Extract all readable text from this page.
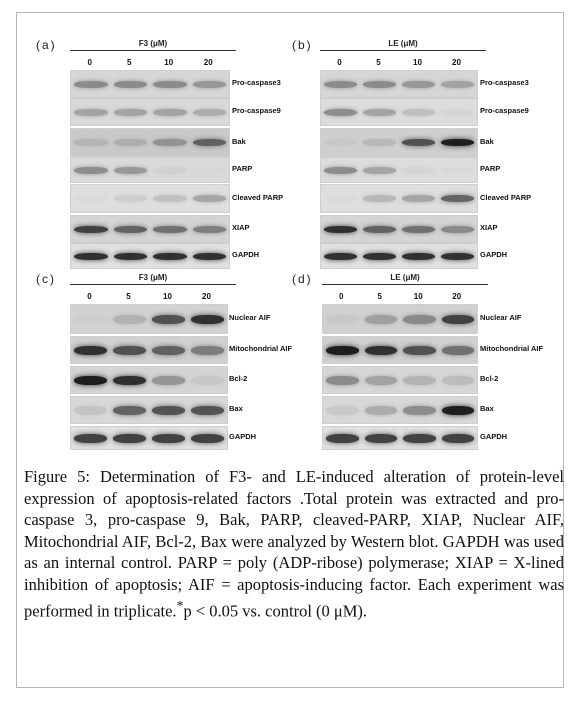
(a)	F3 (μM)
0	5	10	20
Pro-caspase3
Pro-caspase9
Bak
PARP
Cleaved PARP
XIAP
GAPDH
(b)	LE (μM)
0	5	10	20
Pro-caspase3
Pro-caspase9
Bak
PARP
Cleaved PARP
XIAP
GAPDH
(c)	F3 (μM)
0	5	10	20
Nuclear AIF
Mitochondrial AIF
Bcl-2
Bax
GAPDH
(d)	LE (μM)
0	5	10	20
Nuclear AIF
Mitochondrial AIF
Bcl-2
Bax
GAPDH
Figure 5: Determination of F3- and LE-induced alteration of protein-level expression of apoptosis-related factors .Total protein was extracted and pro-caspase 3, pro-caspase 9, Bak, PARP, cleaved-PARP, XIAP, Nuclear AIF, Mitochondrial AIF, Bcl-2, Bax were analyzed by Western blot. GAPDH was used as an internal control. PARP = poly (ADP-ribose) polymerase; XIAP = X-lined inhibition of apoptosis; AIF = apoptosis-inducing factor. Each experiment was performed in triplicate.*p < 0.05 vs. control (0 μM).
